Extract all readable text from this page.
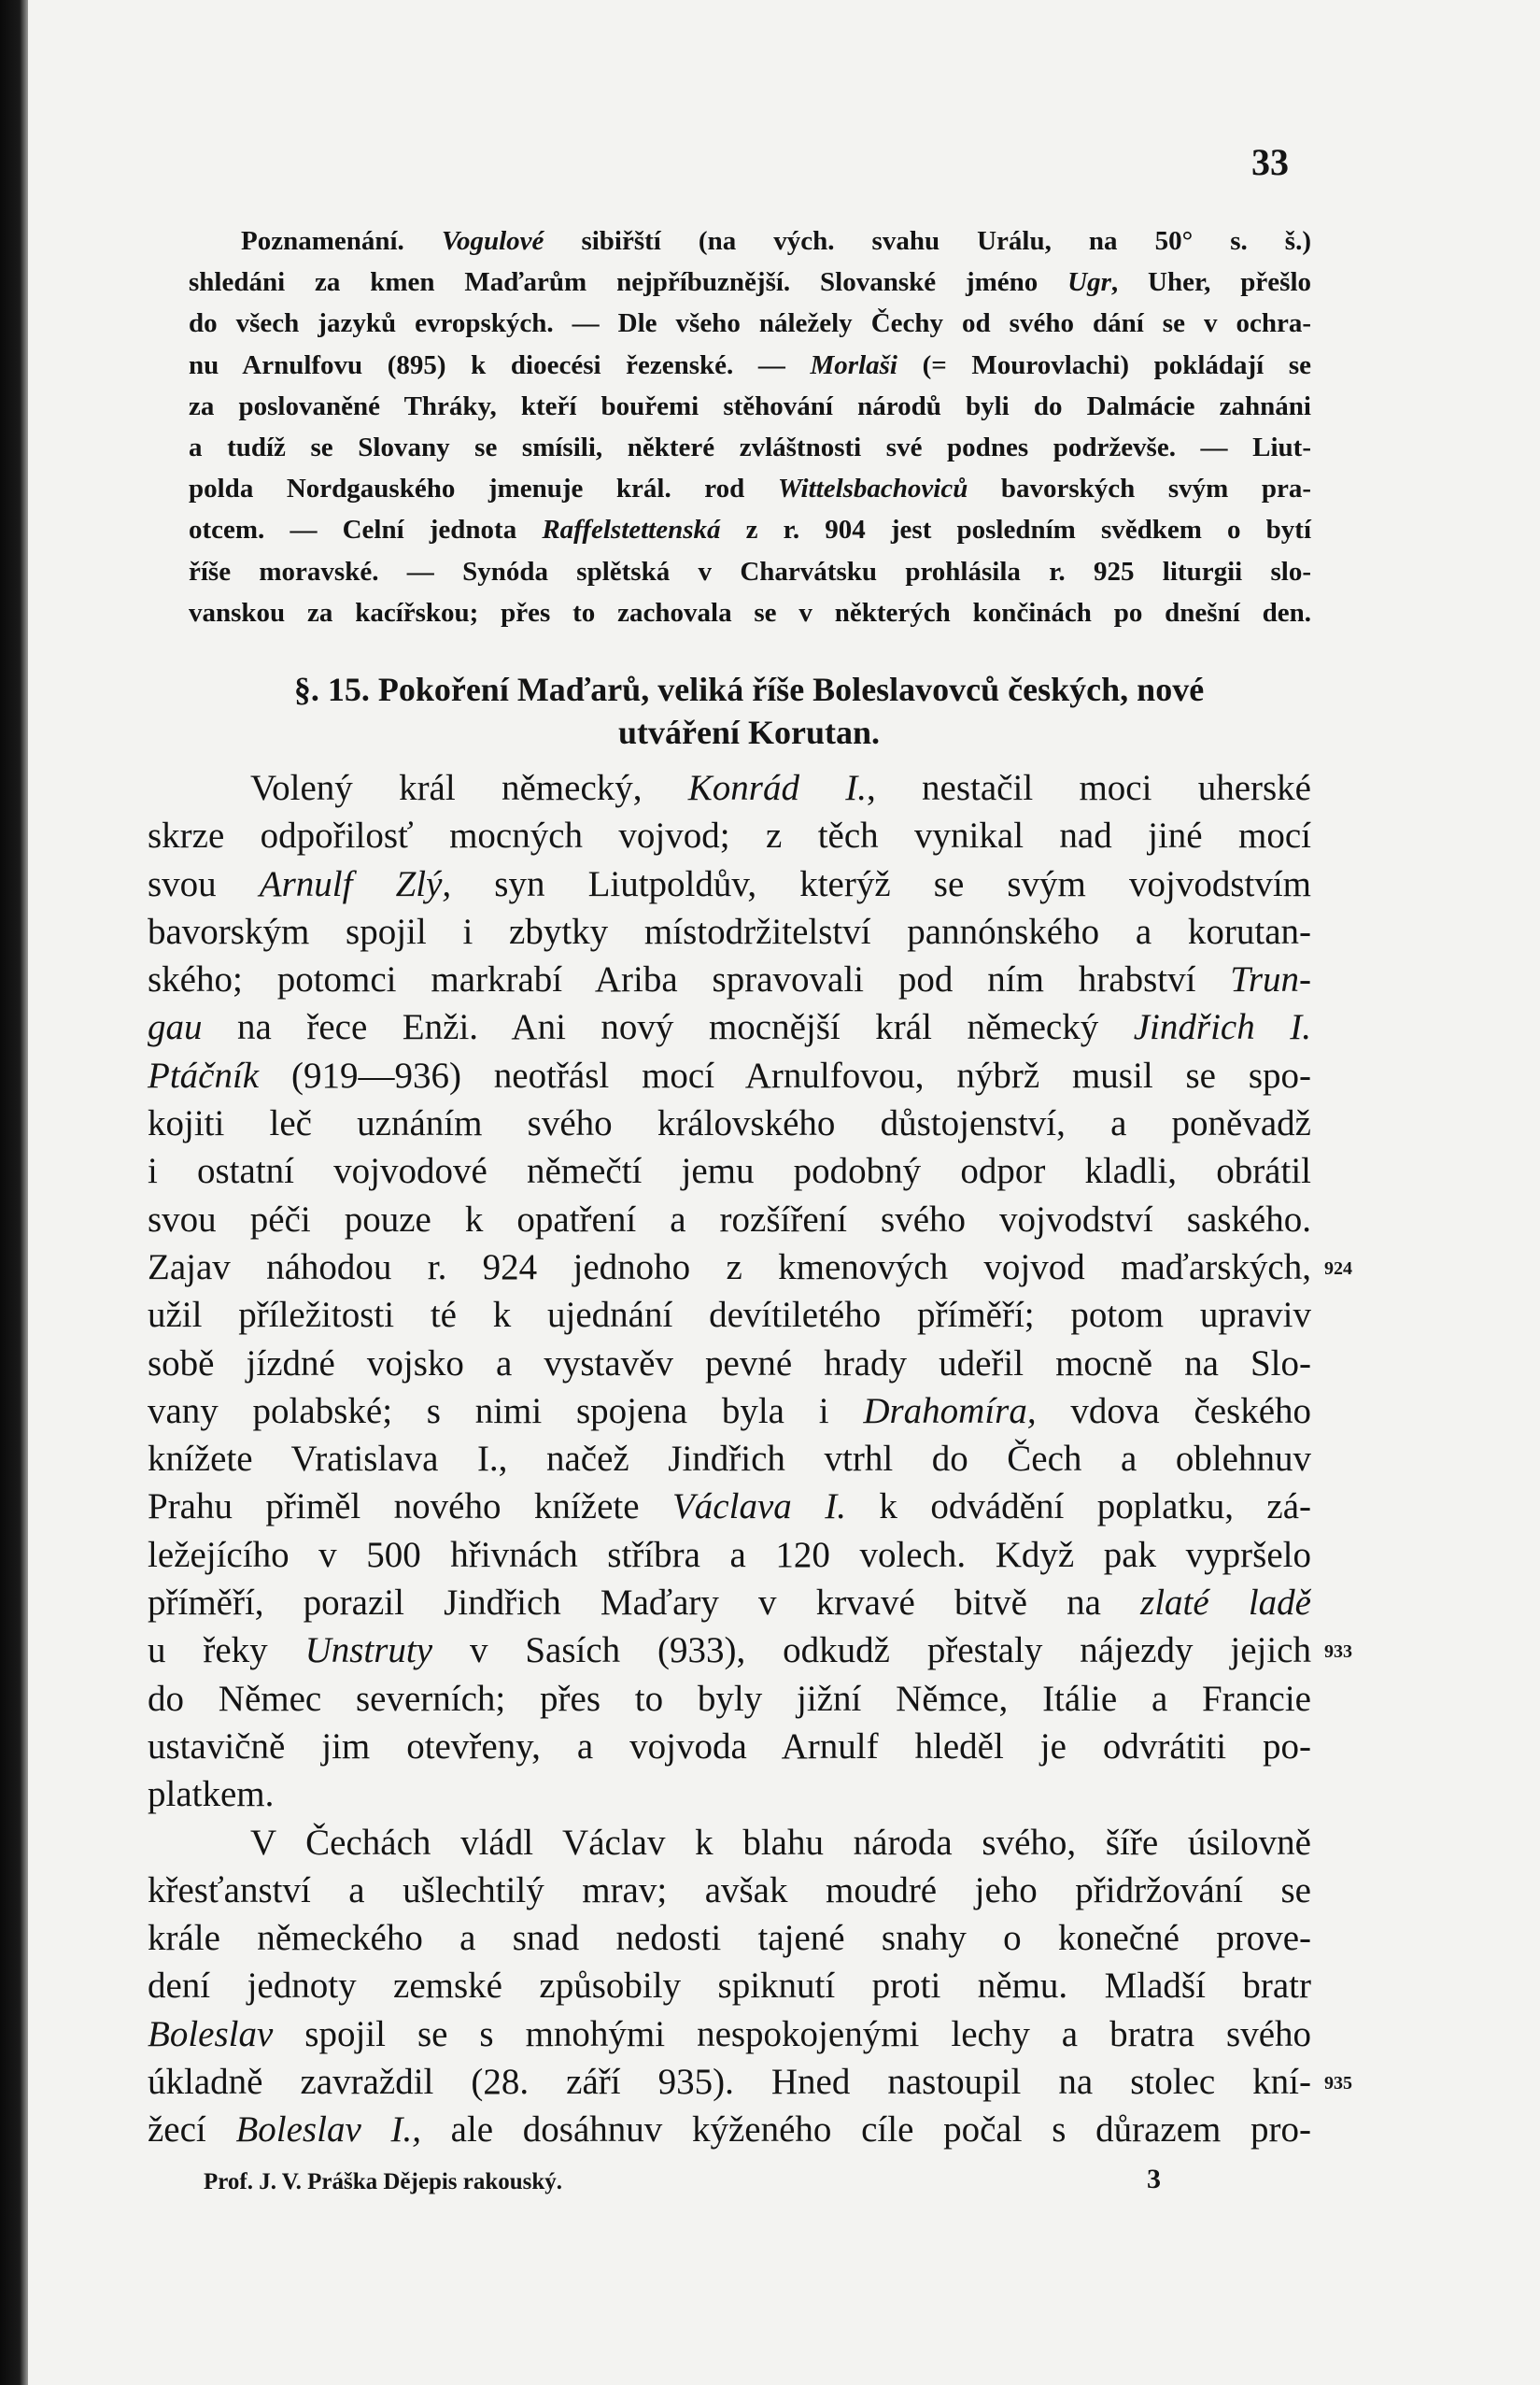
33
Poznamenání. Vogulové sibiřští (na vých. svahu Urálu, na 50° s. š.)
shledáni za kmen Maďarům nejpříbuznější. Slovanské jméno Ugr, Uher, přešlo
do všech jazyků evropských. — Dle všeho náležely Čechy od svého dání se v ochra-
nu Arnulfovu (895) k dioecési řezenské. — Morlaši (= Mourovlachi) pokládají se
za poslovaněné Thráky, kteří bouřemi stěhování národů byli do Dalmácie zahnáni
a tudíž se Slovany se smísili, některé zvláštnosti své podnes podrževše. — Liut-
polda Nordgauského jmenuje král. rod Wittelsbachoviců bavorských svým pra-
otcem. — Celní jednota Raffelstettenská z r. 904 jest posledním svědkem o bytí
říše moravské. — Synóda splětská v Charvátsku prohlásila r. 925 liturgii slo-
vanskou za kacířskou; přes to zachovala se v některých končinách po dnešní den.
§. 15. Pokoření Maďarů, veliká říše Boleslavovců českých, nové
utváření Korutan.
Volený král německý, Konrád I., nestačil moci uherské
skrze odpořilosť mocných vojvod; z těch vynikal nad jiné mocí
svou Arnulf Zlý, syn Liutpoldův, kterýž se svým vojvodstvím
bavorským spojil i zbytky místodržitelství pannónského a korutan-
ského; potomci markrabí Ariba spravovali pod ním hrabství Trun-
gau na řece Enži. Ani nový mocnější král německý Jindřich I.
Ptáčník (919—936) neotřásl mocí Arnulfovou, nýbrž musil se spo-
kojiti leč uznáním svého královského důstojenství, a poněvadž
i ostatní vojvodové němečtí jemu podobný odpor kladli, obrátil
svou péči pouze k opatření a rozšíření svého vojvodství saského.
Zajav náhodou r. 924 jednoho z kmenových vojvod maďarských,
užil příležitosti té k ujednání devítiletého příměří; potom upraviv
sobě jízdné vojsko a vystavěv pevné hrady udeřil mocně na Slo-
vany polabské; s nimi spojena byla i Drahomíra, vdova českého
knížete Vratislava I., načež Jindřich vtrhl do Čech a oblehnuv
Prahu přiměl nového knížete Václava I. k odvádění poplatku, zá-
ležejícího v 500 hřivnách stříbra a 120 volech. Když pak vypršelo
příměří, porazil Jindřich Maďary v krvavé bitvě na zlaté ladě
u řeky Unstruty v Sasích (933), odkudž přestaly nájezdy jejich
do Němec severních; přes to byly jižní Němce, Itálie a Francie
ustavičně jim otevřeny, a vojvoda Arnulf hleděl je odvrátiti po-
platkem.
V Čechách vládl Václav k blahu národa svého, šíře úsilovně
křesťanství a ušlechtilý mrav; avšak moudré jeho přidržování se
krále německého a snad nedosti tajené snahy o konečné prove-
dení jednoty zemské způsobily spiknutí proti němu. Mladší bratr
Boleslav spojil se s mnohými nespokojenými lechy a bratra svého
úkladně zavraždil (28. září 935). Hned nastoupil na stolec kní-
žecí Boleslav I., ale dosáhnuv kýženého cíle počal s důrazem pro-
924
933
935
Prof. J. V. Práška Dějepis rakouský.	3
